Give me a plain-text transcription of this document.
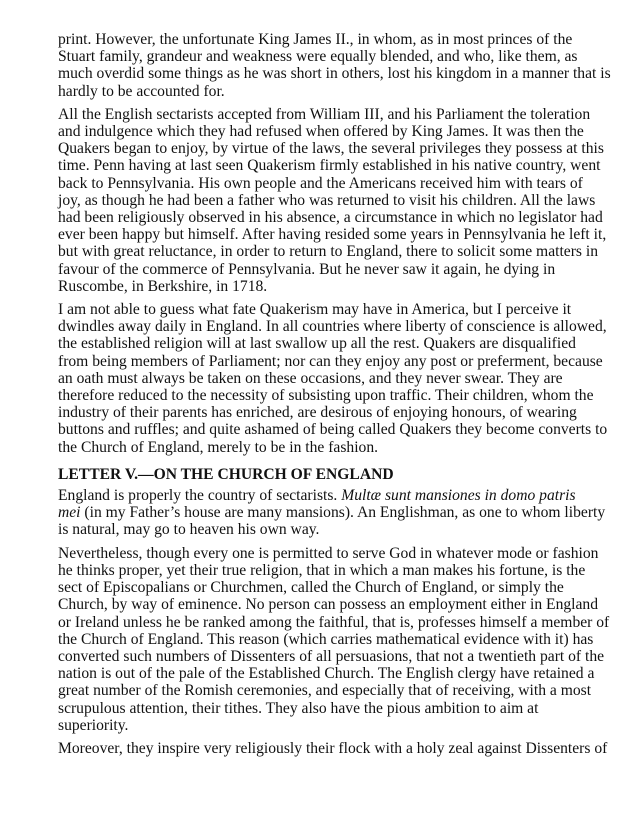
print. However, the unfortunate King James II., in whom, as in most princes of the
Stuart family, grandeur and weakness were equally blended, and who, like them, as
much overdid some things as he was short in others, lost his kingdom in a manner that is
hardly to be accounted for.

All the English sectarists accepted from William III, and his Parliament the toleration
and indulgence which they had refused when offered by King James. It was then the
Quakers began to enjoy, by virtue of the laws, the several privileges they possess at this
time. Penn having at last seen Quakerism firmly established in his native country, went
back to Pennsylvania. His own people and the Americans received him with tears of
joy, as though he had been a father who was returned to visit his children. All the laws
had been religiously observed in his absence, a circumstance in which no legislator had
ever been happy but himself. After having resided some years in Pennsylvania he left it,
but with great reluctance, in order to return to England, there to solicit some matters in
favour of the commerce of Pennsylvania. But he never saw it again, he dying in
Ruscombe, in Berkshire, in 1718.

I am not able to guess what fate Quakerism may have in America, but I perceive it
dwindles away daily in England. In all countries where liberty of conscience is allowed,
the established religion will at last swallow up all the rest. Quakers are disqualified
from being members of Parliament; nor can they enjoy any post or preferment, because
an oath must always be taken on these occasions, and they never swear. They are
therefore reduced to the necessity of subsisting upon traffic. Their children, whom the
industry of their parents has enriched, are desirous of enjoying honours, of wearing
buttons and ruffles; and quite ashamed of being called Quakers they become converts to
the Church of England, merely to be in the fashion.

LETTER V.—ON THE CHURCH OF ENGLAND

England is properly the country of sectarists. Multæ sunt mansiones in domo patris
mei (in my Father’s house are many mansions). An Englishman, as one to whom liberty
is natural, may go to heaven his own way.

Nevertheless, though every one is permitted to serve God in whatever mode or fashion
he thinks proper, yet their true religion, that in which a man makes his fortune, is the
sect of Episcopalians or Churchmen, called the Church of England, or simply the
Church, by way of eminence. No person can possess an employment either in England
or Ireland unless he be ranked among the faithful, that is, professes himself a member of
the Church of England. This reason (which carries mathematical evidence with it) has
converted such numbers of Dissenters of all persuasions, that not a twentieth part of the
nation is out of the pale of the Established Church. The English clergy have retained a
great number of the Romish ceremonies, and especially that of receiving, with a most
scrupulous attention, their tithes. They also have the pious ambition to aim at
superiority.

Moreover, they inspire very religiously their flock with a holy zeal against Dissenters of
